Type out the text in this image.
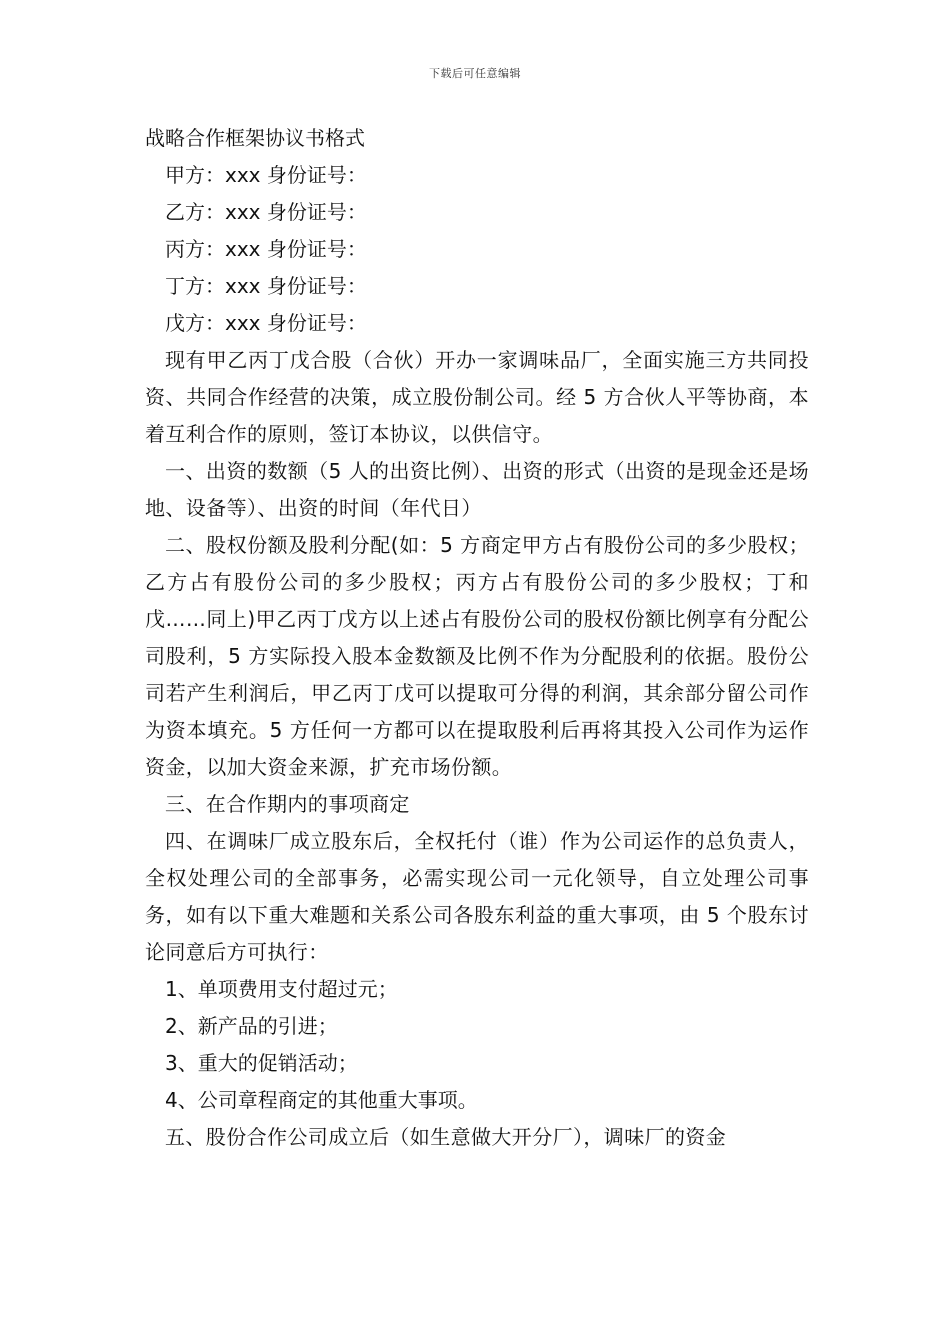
下载后可任意编辑
战略合作框架协议书格式
甲方：xxx 身份证号：
乙方：xxx 身份证号：
丙方：xxx 身份证号：
丁方：xxx 身份证号：
戊方：xxx 身份证号：
现有甲乙丙丁戊合股（合伙）开办一家调味品厂，全面实施三方共同投资、共同合作经营的决策，成立股份制公司。经 5 方合伙人平等协商，本着互利合作的原则，签订本协议，以供信守。
一、出资的数额（5 人的出资比例）、出资的形式（出资的是现金还是场地、设备等）、出资的时间（年代日）
二、股权份额及股利分配(如：5 方商定甲方占有股份公司的多少股权；乙方占有股份公司的多少股权；丙方占有股份公司的多少股权；丁和戊……同上)甲乙丙丁戊方以上述占有股份公司的股权份额比例享有分配公司股利，5 方实际投入股本金数额及比例不作为分配股利的依据。股份公司若产生利润后，甲乙丙丁戊可以提取可分得的利润，其余部分留公司作为资本填充。5 方任何一方都可以在提取股利后再将其投入公司作为运作资金，以加大资金来源，扩充市场份额。
三、在合作期内的事项商定
四、在调味厂成立股东后，全权托付（谁）作为公司运作的总负责人，全权处理公司的全部事务，必需实现公司一元化领导，自立处理公司事务，如有以下重大难题和关系公司各股东利益的重大事项，由 5 个股东讨论同意后方可执行：
1、单项费用支付超过元；
2、新产品的引进；
3、重大的促销活动；
4、公司章程商定的其他重大事项。
五、股份合作公司成立后（如生意做大开分厂），调味厂的资金
